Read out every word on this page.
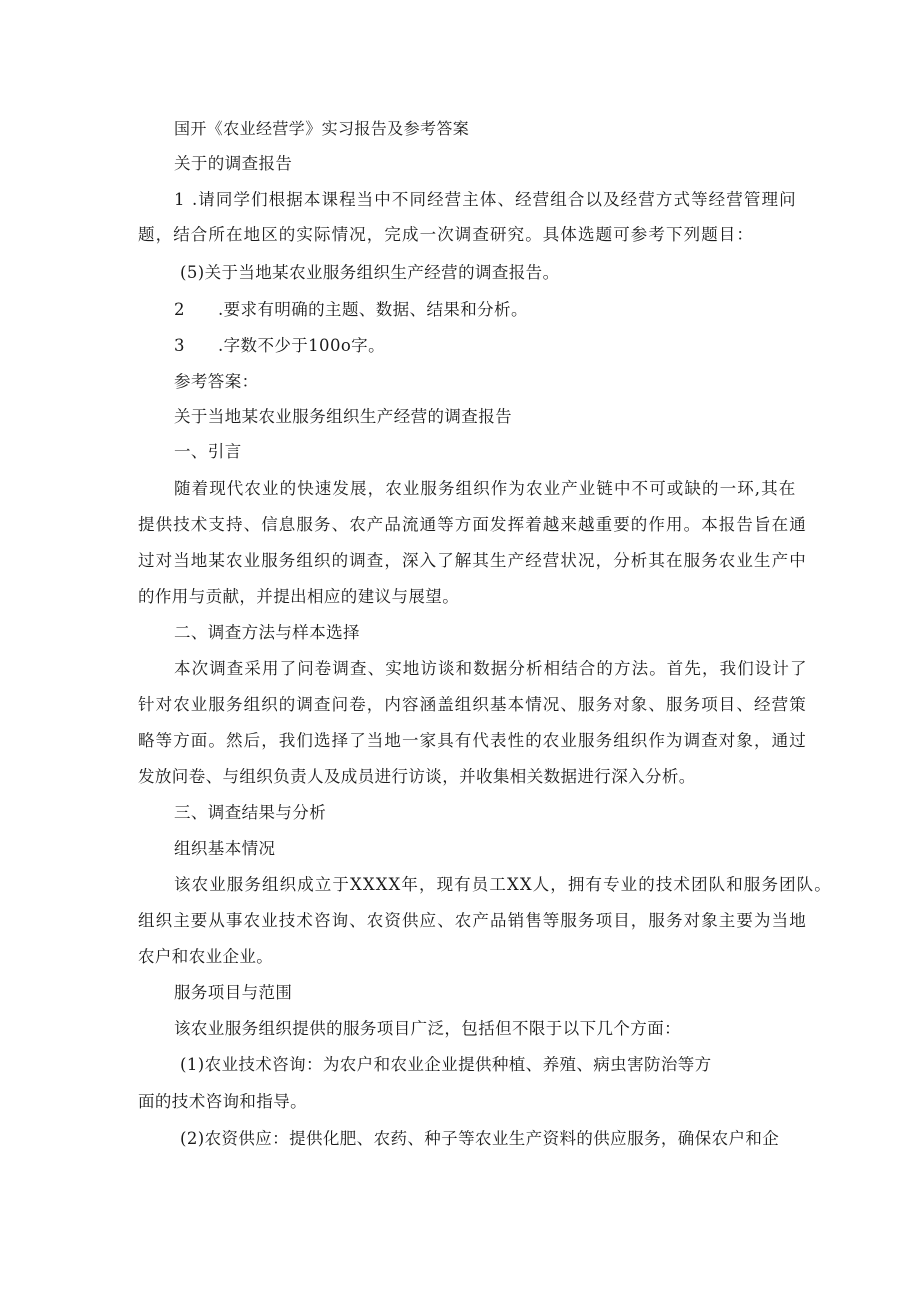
国开《农业经营学》实习报告及参考答案
关于的调查报告
1 .请同学们根据本课程当中不同经营主体、经营组合以及经营方式等经营管理问
题，结合所在地区的实际情况，完成一次调查研究。具体选题可参考下列题目：
(5)关于当地某农业服务组织生产经营的调查报告。
2 .要求有明确的主题、数据、结果和分析。
3 .字数不少于100o字。
参考答案：
关于当地某农业服务组织生产经营的调查报告
一、引言
随着现代农业的快速发展，农业服务组织作为农业产业链中不可或缺的一环,其在
提供技术支持、信息服务、农产品流通等方面发挥着越来越重要的作用。本报告旨在通
过对当地某农业服务组织的调查，深入了解其生产经营状况，分析其在服务农业生产中
的作用与贡献，并提出相应的建议与展望。
二、调查方法与样本选择
本次调查采用了问卷调查、实地访谈和数据分析相结合的方法。首先，我们设计了
针对农业服务组织的调查问卷，内容涵盖组织基本情况、服务对象、服务项目、经营策
略等方面。然后，我们选择了当地一家具有代表性的农业服务组织作为调查对象，通过
发放问卷、与组织负责人及成员进行访谈，并收集相关数据进行深入分析。
三、调查结果与分析
组织基本情况
该农业服务组织成立于XXXX年，现有员工XX人，拥有专业的技术团队和服务团队。
组织主要从事农业技术咨询、农资供应、农产品销售等服务项目，服务对象主要为当地
农户和农业企业。
服务项目与范围
该农业服务组织提供的服务项目广泛，包括但不限于以下几个方面：
(1)农业技术咨询：为农户和农业企业提供种植、养殖、病虫害防治等方
面的技术咨询和指导。
(2)农资供应：提供化肥、农药、种子等农业生产资料的供应服务，确保农户和企
